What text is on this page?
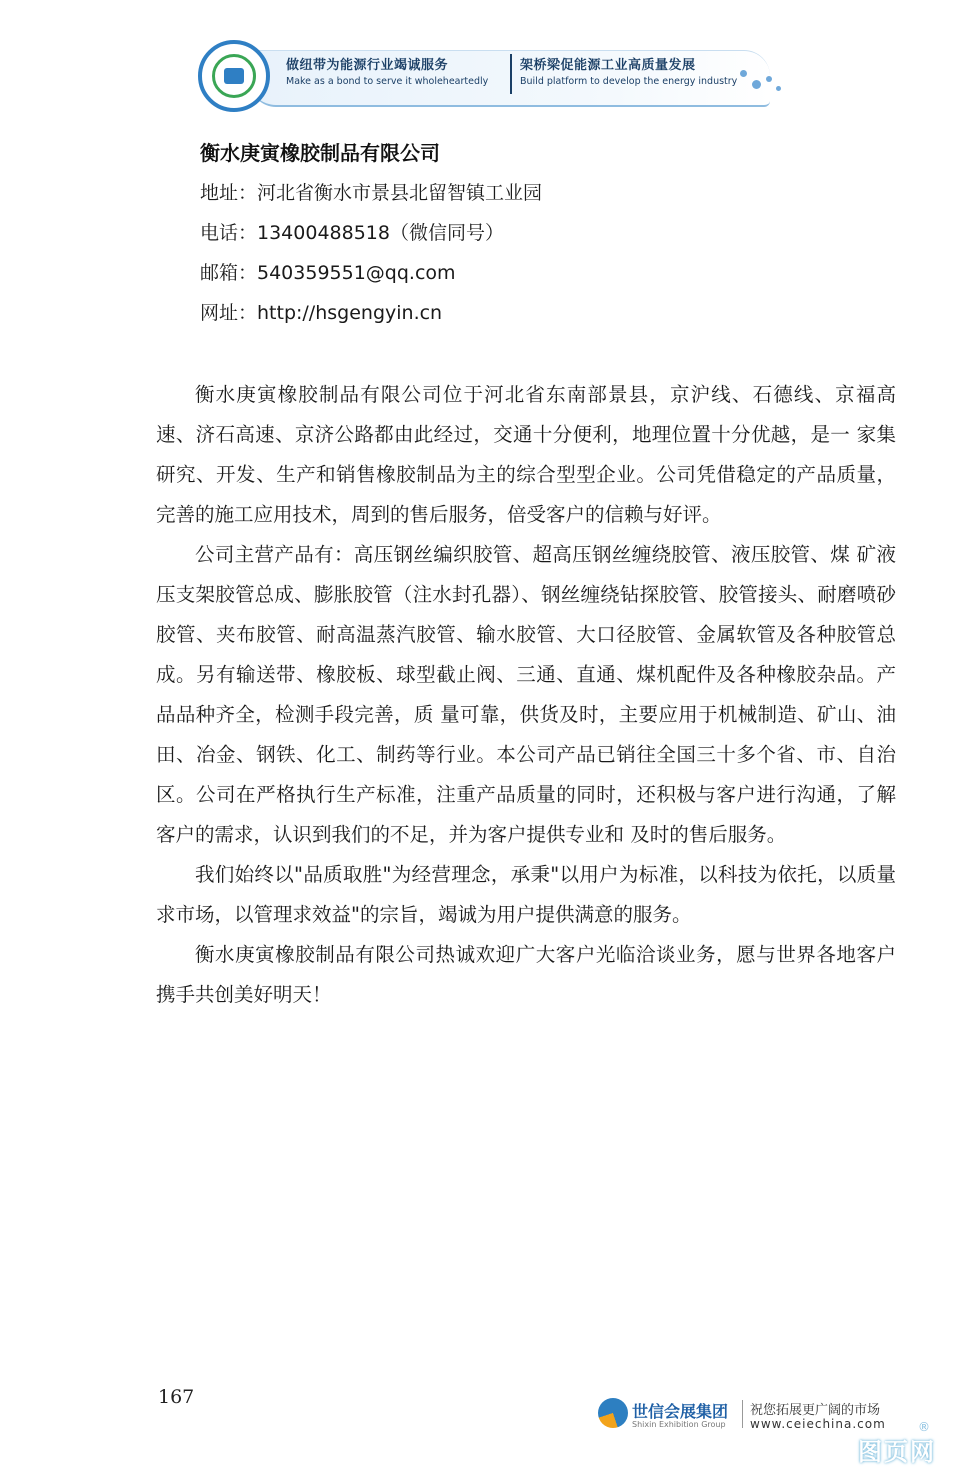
做纽带为能源行业竭诚服务
Make as a bond to serve it wholeheartedly
架桥梁促能源工业高质量发展
Build platform to develop the energy industry
衡水庚寅橡胶制品有限公司
地址：河北省衡水市景县北留智镇工业园
电话：13400488518（微信同号）
邮箱：540359551@qq.com
网址：http://hsgengyin.cn

衡水庚寅橡胶制品有限公司位于河北省东南部景县，京沪线、石德线、京福高速、济石高速、京济公路都由此经过，交通十分便利，地理位置十分优越，是一 家集研究、开发、生产和销售橡胶制品为主的综合型型企业。公司凭借稳定的产品质量，完善的施工应用技术，周到的售后服务，倍受客户的信赖与好评。

公司主营产品有：高压钢丝编织胶管、超高压钢丝缠绕胶管、液压胶管、煤 矿液压支架胶管总成、膨胀胶管（注水封孔器）、钢丝缠绕钻探胶管、胶管接头、耐磨喷砂胶管、夹布胶管、耐高温蒸汽胶管、输水胶管、大口径胶管、金属软管及各种胶管总成。另有输送带、橡胶板、球型截止阀、三通、直通、煤机配件及各种橡胶杂品。产品品种齐全，检测手段完善，质 量可靠，供货及时，主要应用于机械制造、矿山、油田、冶金、钢铁、化工、制药等行业。本公司产品已销往全国三十多个省、市、自治区。公司在严格执行生产标准，注重产品质量的同时，还积极与客户进行沟通，了解客户的需求，认识到我们的不足，并为客户提供专业和 及时的售后服务。

我们始终以"品质取胜"为经营理念，承秉"以用户为标准，以科技为依托，以质量求市场，以管理求效益"的宗旨，竭诚为用户提供满意的服务。

衡水庚寅橡胶制品有限公司热诚欢迎广大客户光临洽谈业务，愿与世界各地客户携手共创美好明天！

167
世信会展集团
Shixin Exhibition Group
祝您拓展更广阔的市场
www.ceiechina.com	®
图页网
